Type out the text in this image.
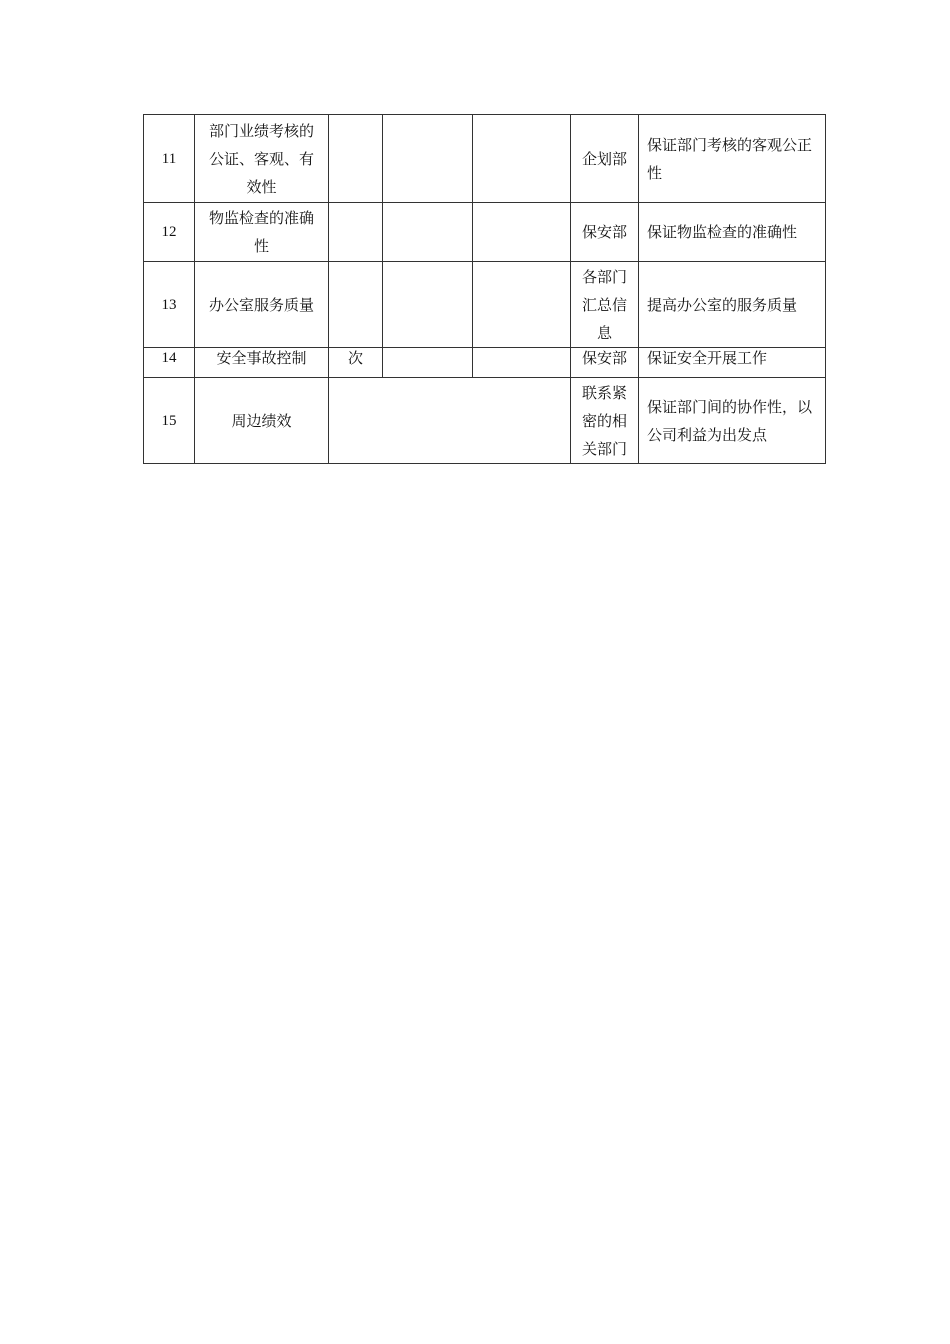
11	部门业绩考核的公证、客观、有效性				企划部	保证部门考核的客观公正性
12	物监检查的准确性				保安部	保证物监检查的准确性
13	办公室服务质量				各部门汇总信息	提高办公室的服务质量
14	安全事故控制	次			保安部	保证安全开展工作
15	周边绩效				联系紧密的相关部门	保证部门间的协作性，以公司利益为出发点
